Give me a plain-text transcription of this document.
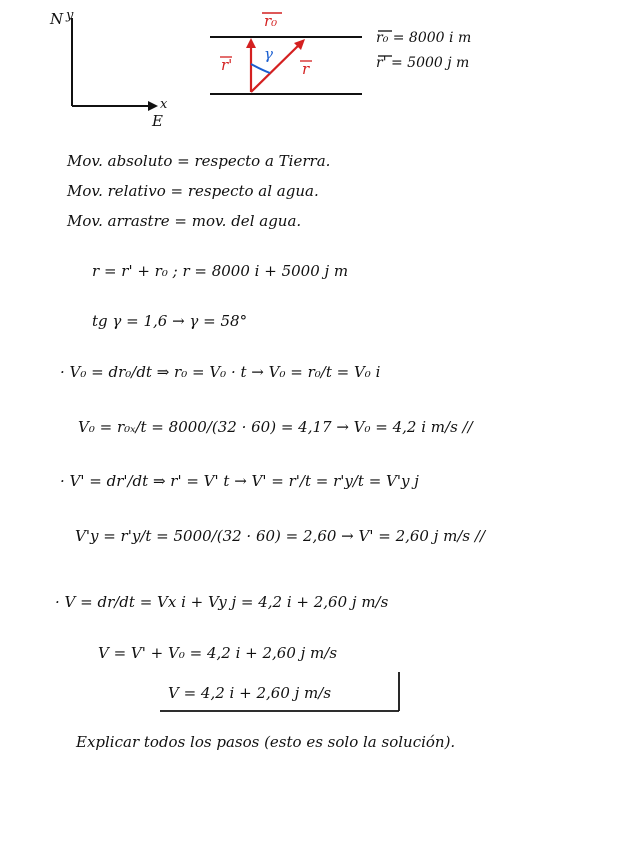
N y
x
E
r₀
γ
r'	r
r₀ = 8000 i m
r' = 5000 j m
Mov. absoluto = respecto a Tierra.
Mov. relativo = respecto al agua.
Mov. arrastre = mov. del agua.
r = r' + r₀ ; r = 8000 i + 5000 j m
tg γ = 1,6 → γ = 58°
· V₀ = dr₀/dt ⇒ r₀ = V₀ · t → V₀ = r₀/t = V₀ i
V₀ = r₀ₓ/t = 8000/(32 · 60) = 4,17 → V₀ = 4,2 i m/s //
· V' = dr'/dt ⇒ r' = V' t → V' = r'/t = r'y/t = V'y j
V'y = r'y/t = 5000/(32 · 60) = 2,60 → V' = 2,60 j m/s //
· V = dr/dt = Vx i + Vy j = 4,2 i + 2,60 j m/s
V = V' + V₀ = 4,2 i + 2,60 j m/s
V = 4,2 i + 2,60 j m/s
Explicar todos los pasos (esto es solo la solución).
